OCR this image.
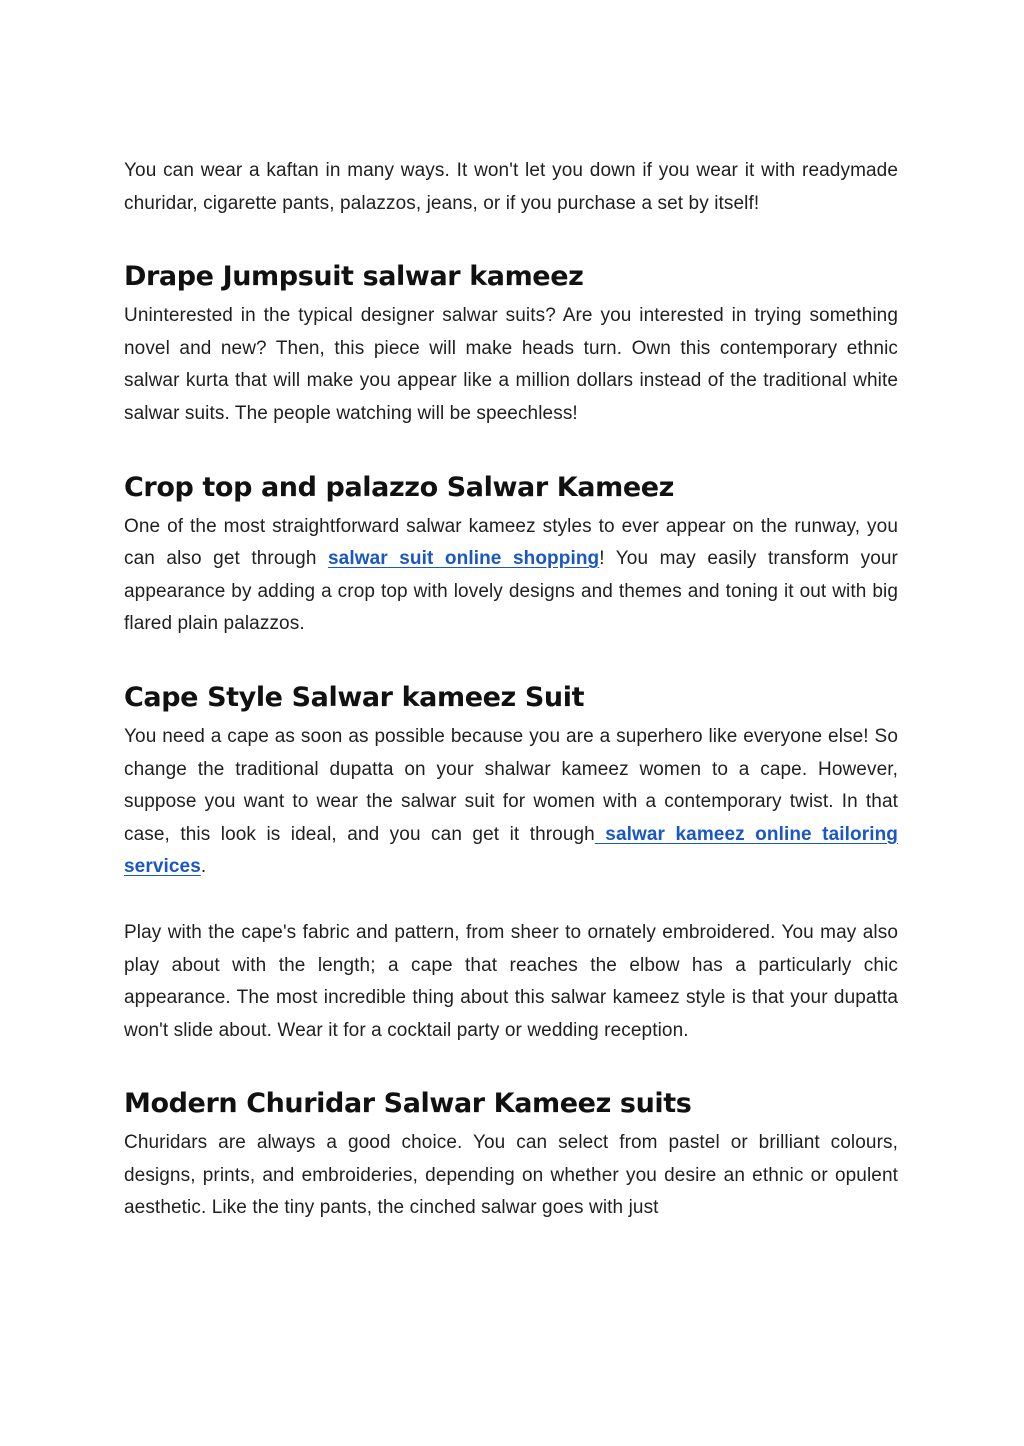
You can wear a kaftan in many ways. It won't let you down if you wear it with readymade churidar, cigarette pants, palazzos, jeans, or if you purchase a set by itself!

Drape Jumpsuit salwar kameez

Uninterested in the typical designer salwar suits? Are you interested in trying something novel and new? Then, this piece will make heads turn. Own this contemporary ethnic salwar kurta that will make you appear like a million dollars instead of the traditional white salwar suits. The people watching will be speechless!

Crop top and palazzo Salwar Kameez

One of the most straightforward salwar kameez styles to ever appear on the runway, you can also get through salwar suit online shopping! You may easily transform your appearance by adding a crop top with lovely designs and themes and toning it out with big flared plain palazzos.

Cape Style Salwar kameez Suit

You need a cape as soon as possible because you are a superhero like everyone else! So change the traditional dupatta on your shalwar kameez women to a cape. However, suppose you want to wear the salwar suit for women with a contemporary twist. In that case, this look is ideal, and you can get it through salwar kameez online tailoring services.

Play with the cape's fabric and pattern, from sheer to ornately embroidered. You may also play about with the length; a cape that reaches the elbow has a particularly chic appearance. The most incredible thing about this salwar kameez style is that your dupatta won't slide about. Wear it for a cocktail party or wedding reception.

Modern Churidar Salwar Kameez suits

Churidars are always a good choice. You can select from pastel or brilliant colours, designs, prints, and embroideries, depending on whether you desire an ethnic or opulent aesthetic. Like the tiny pants, the cinched salwar goes with just
